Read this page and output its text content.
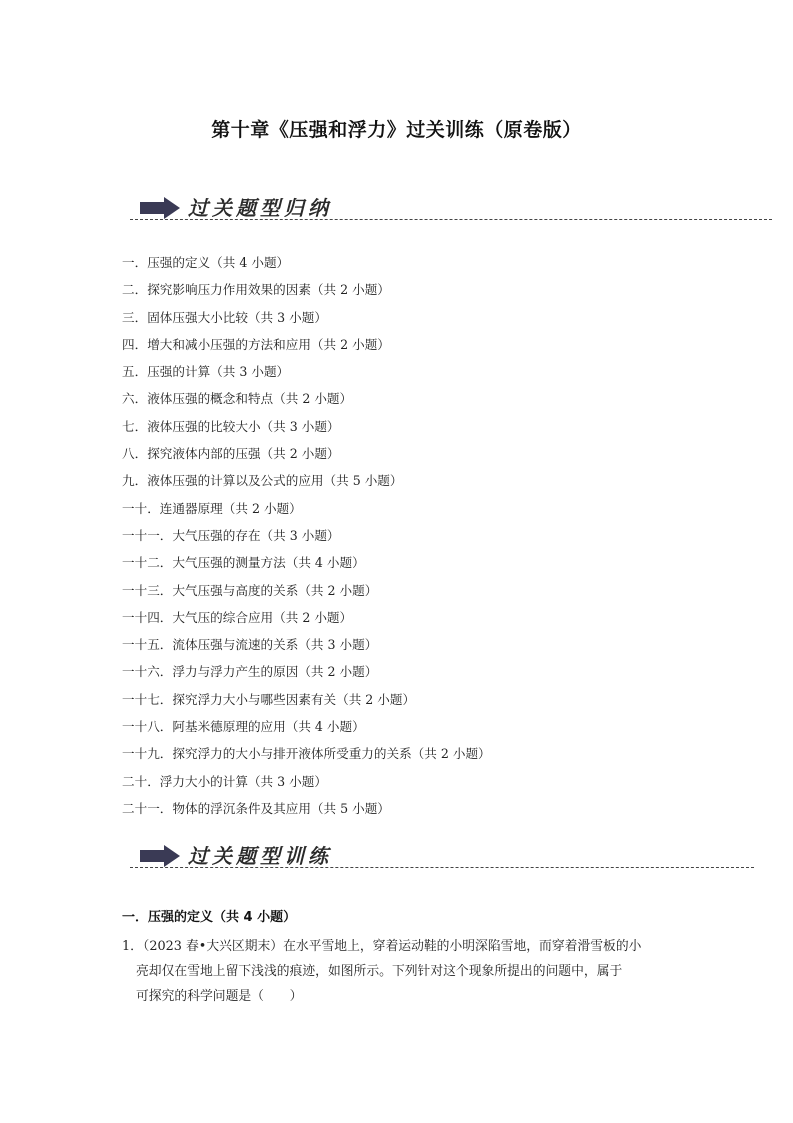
第十章《压强和浮力》过关训练（原卷版）
过关题型归纳
一．压强的定义（共 4 小题）
二．探究影响压力作用效果的因素（共 2 小题）
三．固体压强大小比较（共 3 小题）
四．增大和减小压强的方法和应用（共 2 小题）
五．压强的计算（共 3 小题）
六．液体压强的概念和特点（共 2 小题）
七．液体压强的比较大小（共 3 小题）
八．探究液体内部的压强（共 2 小题）
九．液体压强的计算以及公式的应用（共 5 小题）
一十．连通器原理（共 2 小题）
一十一．大气压强的存在（共 3 小题）
一十二．大气压强的测量方法（共 4 小题）
一十三．大气压强与高度的关系（共 2 小题）
一十四．大气压的综合应用（共 2 小题）
一十五．流体压强与流速的关系（共 3 小题）
一十六．浮力与浮力产生的原因（共 2 小题）
一十七．探究浮力大小与哪些因素有关（共 2 小题）
一十八．阿基米德原理的应用（共 4 小题）
一十九．探究浮力的大小与排开液体所受重力的关系（共 2 小题）
二十．浮力大小的计算（共 3 小题）
二十一．物体的浮沉条件及其应用（共 5 小题）
过关题型训练
一．压强的定义（共 4 小题）
1．（2023 春•大兴区期末）在水平雪地上，穿着运动鞋的小明深陷雪地，而穿着滑雪板的小
亮却仅在雪地上留下浅浅的痕迹，如图所示。下列针对这个现象所提出的问题中，属于
可探究的科学问题是（　　）
